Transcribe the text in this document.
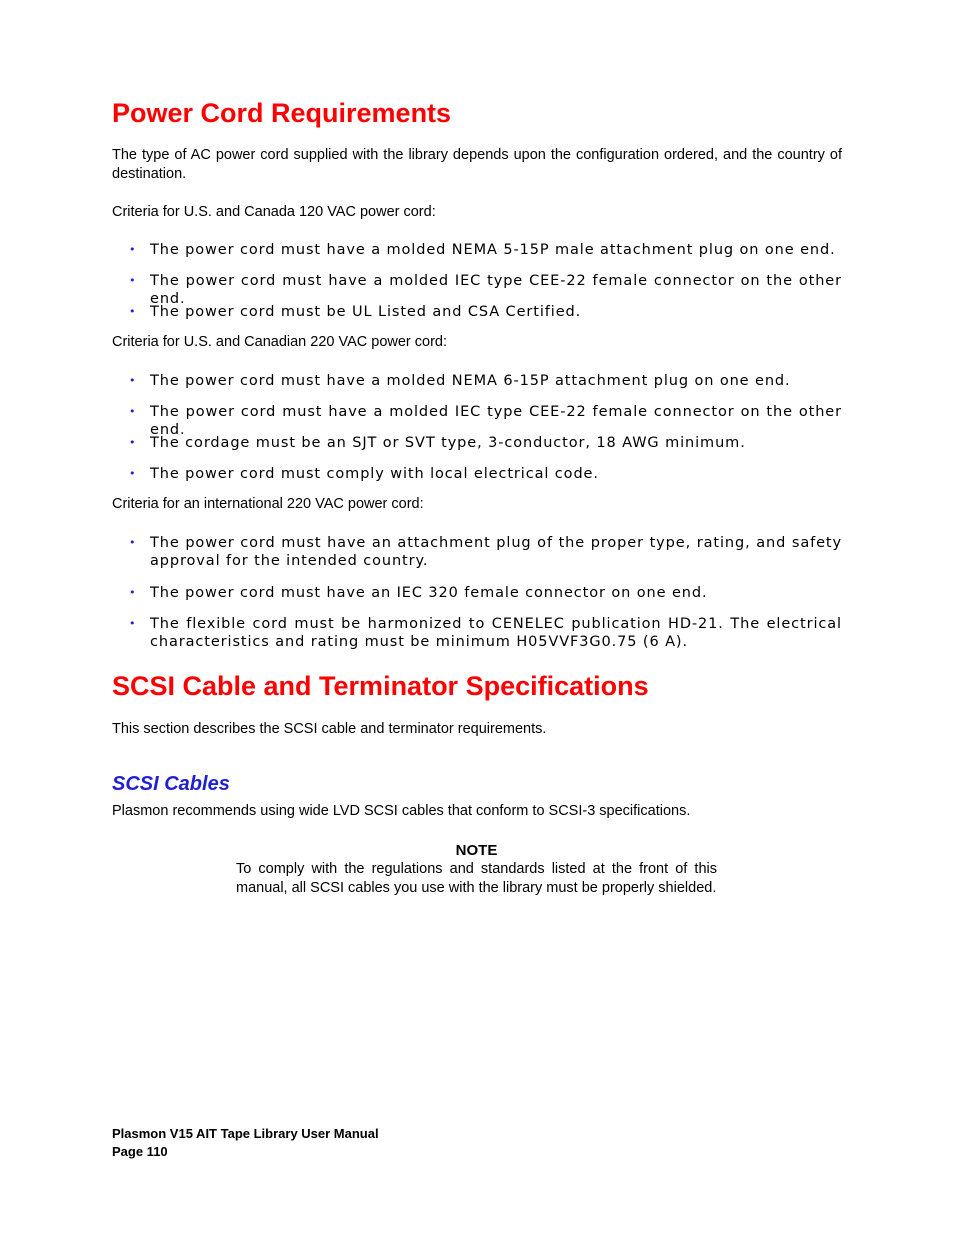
Power Cord Requirements

The type of AC power cord supplied with the library depends upon the configuration ordered, and the country of destination.

Criteria for U.S. and Canada 120 VAC power cord:

• The power cord must have a molded NEMA 5-15P male attachment plug on one end.
• The power cord must have a molded IEC type CEE-22 female connector on the other end.
• The power cord must be UL Listed and CSA Certified.

Criteria for U.S. and Canadian 220 VAC power cord:

• The power cord must have a molded NEMA 6-15P attachment plug on one end.
• The power cord must have a molded IEC type CEE-22 female connector on the other end.
• The cordage must be an SJT or SVT type, 3-conductor, 18 AWG minimum.
• The power cord must comply with local electrical code.

Criteria for an international 220 VAC power cord:

• The power cord must have an attachment plug of the proper type, rating, and safety approval for the intended country.
• The power cord must have an IEC 320 female connector on one end.
• The flexible cord must be harmonized to CENELEC publication HD-21. The electrical characteristics and rating must be minimum H05VVF3G0.75 (6 A).
SCSI Cable and Terminator Specifications

This section describes the SCSI cable and terminator requirements.

SCSI Cables

Plasmon recommends using wide LVD SCSI cables that conform to SCSI-3 specifications.

NOTE

To comply with the regulations and standards listed at the front of this manual, all SCSI cables you use with the library must be properly shielded.

Plasmon V15 AIT Tape Library User Manual

Page 110
